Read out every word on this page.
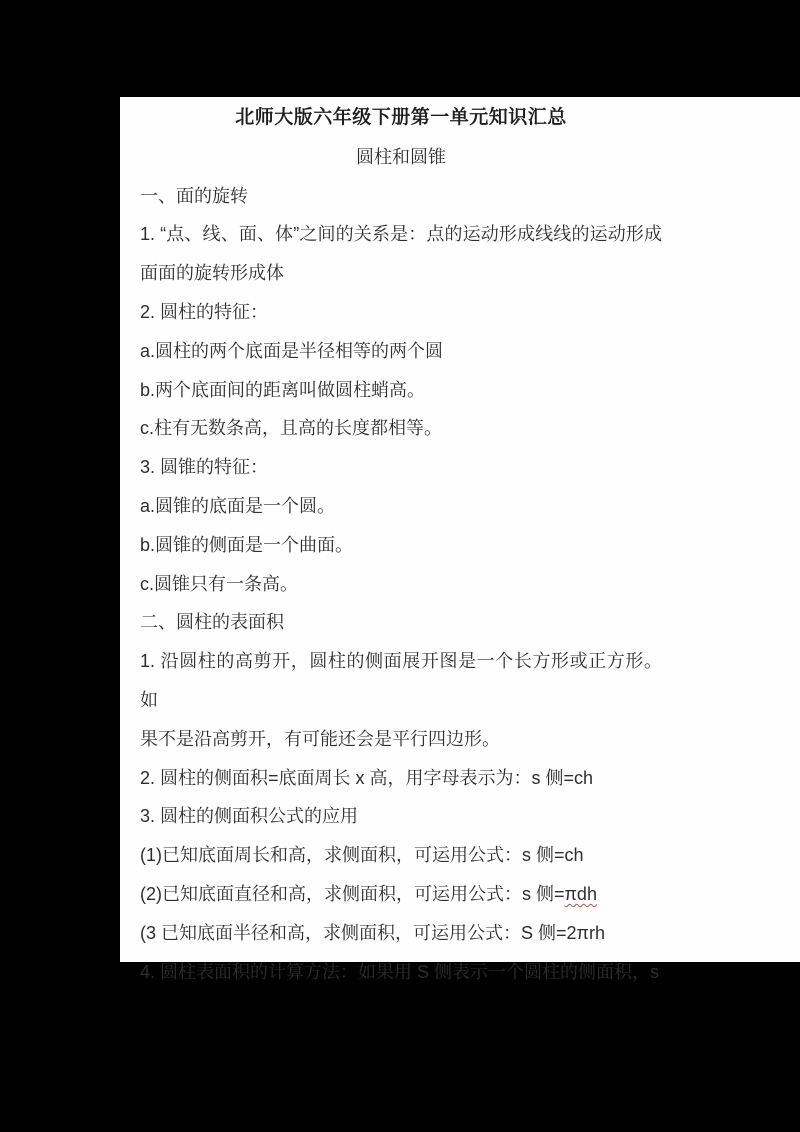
北师大版六年级下册第一单元知识汇总
圆柱和圆锥
一、面的旋转
1. “点、线、面、体”之间的关系是：点的运动形成线线的运动形成
面面的旋转形成体
2. 圆柱的特征：
a.圆柱的两个底面是半径相等的两个圆
b.两个底面间的距离叫做圆柱蛸高。
c.柱有无数条高，且高的长度都相等。
3. 圆锥的特征：
a.圆锥的底面是一个圆。
b.圆锥的侧面是一个曲面。
c.圆锥只有一条高。
二、圆柱的表面积
1. 沿圆柱的高剪开，圆柱的侧面展开图是一个长方形或正方形。如
果不是沿高剪开，有可能还会是平行四边形。
2. 圆柱的侧面积=底面周长 x 高，用字母表示为：s 侧=ch
3. 圆柱的侧面积公式的应用
(1)已知底面周长和高，求侧面积，可运用公式：s 侧=ch
(2)已知底面直径和高，求侧面积，可运用公式：s 侧=πdh
(3 已知底面半径和高，求侧面积，可运用公式：S 侧=2πrh
4. 圆柱表面积的计算方法：如果用 S 侧表示一个圆柱的侧面积，s
